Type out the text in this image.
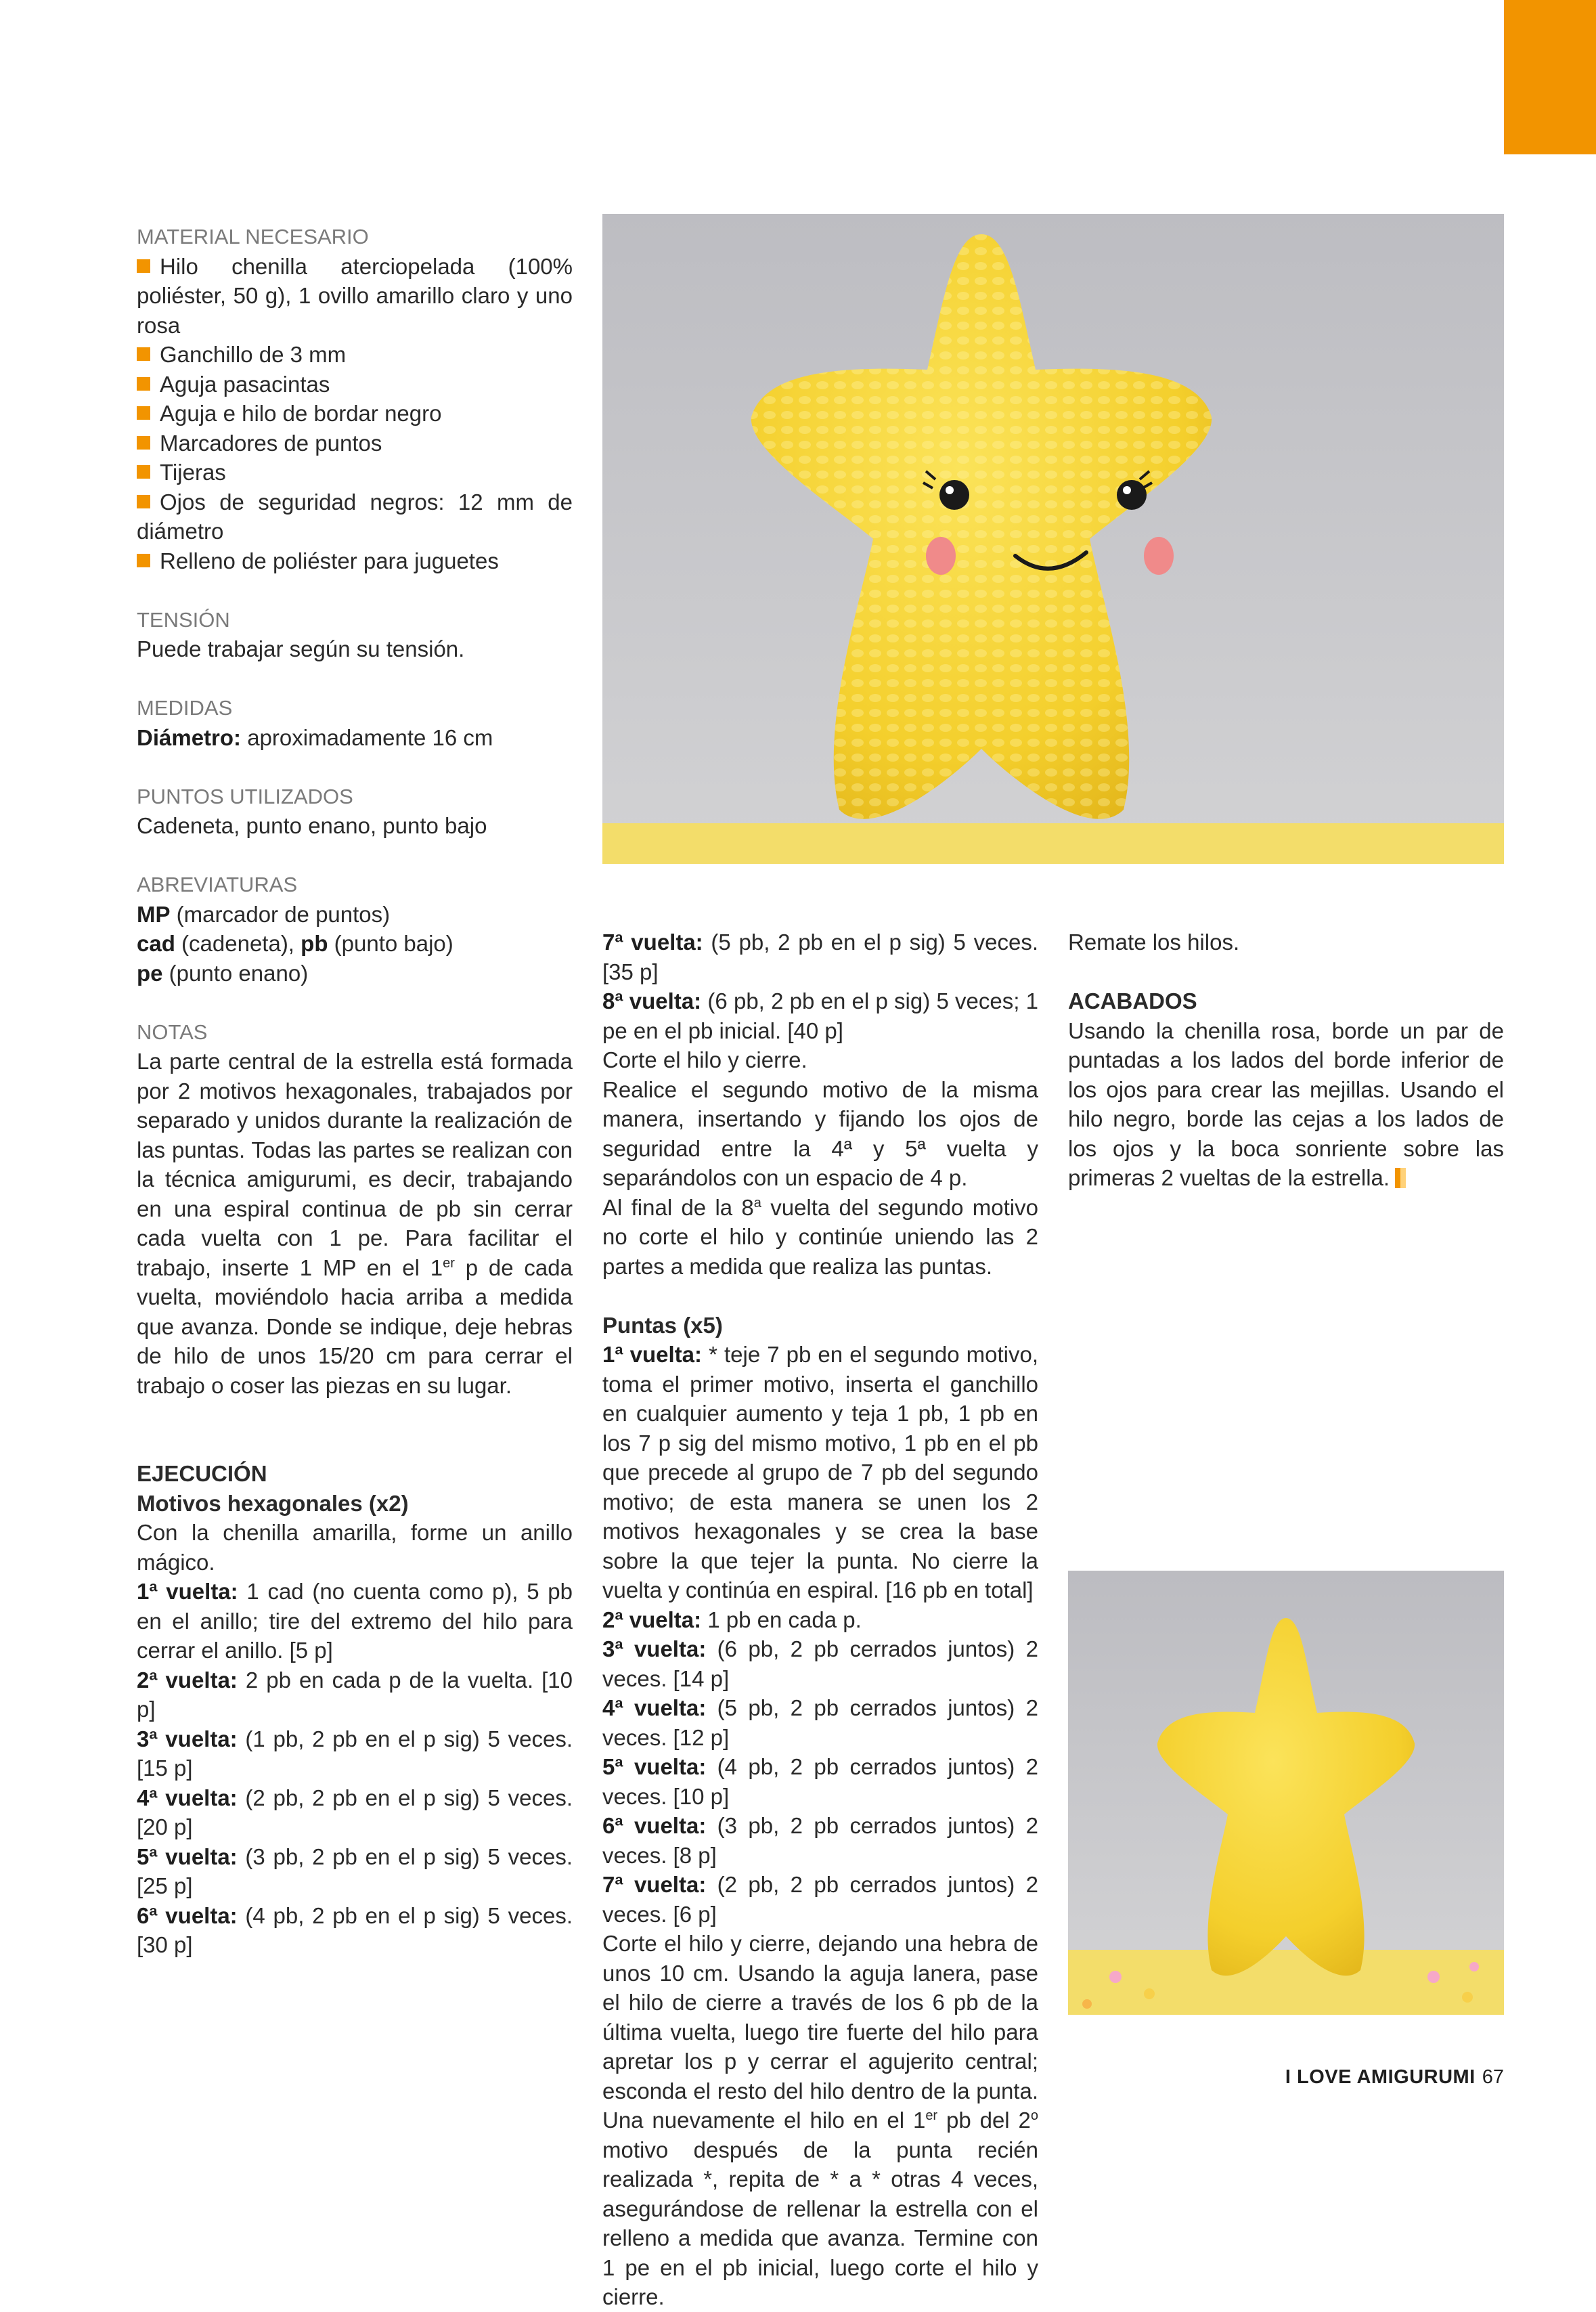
MATERIAL NECESARIO

Hilo chenilla aterciopelada (100% poliéster, 50 g), 1 ovillo amarillo claro y uno rosa

Ganchillo de 3 mm

Aguja pasacintas

Aguja e hilo de bordar negro

Marcadores de puntos

Tijeras

Ojos de seguridad negros: 12 mm de diámetro

Relleno de poliéster para juguetes

TENSIÓN

Puede trabajar según su tensión.

MEDIDAS

Diámetro: aproximadamente 16 cm

PUNTOS UTILIZADOS

Cadeneta, punto enano, punto bajo

ABREVIATURAS

MP (marcador de puntos)

cad (cadeneta), pb (punto bajo)

pe (punto enano)

NOTAS

La parte central de la estrella está formada por 2 motivos hexagonales, trabajados por separado y unidos durante la realización de las puntas. Todas las partes se realizan con la técnica amigurumi, es decir, trabajando en una espiral continua de pb sin cerrar cada vuelta con 1 pe. Para facilitar el trabajo, inserte 1 MP en el 1er p de cada vuelta, moviéndolo hacia arriba a medida que avanza. Donde se indique, deje hebras de hilo de unos 15/20 cm para cerrar el trabajo o coser las piezas en su lugar.

EJECUCIÓN

Motivos hexagonales (x2)

Con la chenilla amarilla, forme un anillo mágico.

1ª vuelta: 1 cad (no cuenta como p), 5 pb en el anillo; tire del extremo del hilo para cerrar el anillo. [5 p]

2ª vuelta: 2 pb en cada p de la vuelta. [10 p]

3ª vuelta: (1 pb, 2 pb en el p sig) 5 veces. [15 p]

4ª vuelta: (2 pb, 2 pb en el p sig) 5 veces. [20 p]

5ª vuelta: (3 pb, 2 pb en el p sig) 5 veces. [25 p]

6ª vuelta: (4 pb, 2 pb en el p sig) 5 veces. [30 p]

7ª vuelta: (5 pb, 2 pb en el p sig) 5 veces. [35 p]

8ª vuelta: (6 pb, 2 pb en el p sig) 5 veces; 1 pe en el pb inicial. [40 p]

Corte el hilo y cierre.

Realice el segundo motivo de la misma manera, insertando y fijando los ojos de seguridad entre la 4ª y 5ª vuelta y separándolos con un espacio de 4 p.

Al final de la 8$^a$ vuelta del segundo motivo no corte el hilo y continúe uniendo las 2 partes a medida que realiza las puntas.

Puntas (x5)

1ª vuelta: * teje 7 pb en el segundo motivo, toma el primer motivo, inserta el ganchillo en cualquier aumento y teja 1 pb, 1 pb en los 7 p sig del mismo motivo, 1 pb en el pb que precede al grupo de 7 pb del segundo motivo; de esta manera se unen los 2 motivos hexagonales y se crea la base sobre la que tejer la punta. No cierre la vuelta y continúa en espiral. [16 pb en total]

2ª vuelta: 1 pb en cada p.

3ª vuelta: (6 pb, 2 pb cerrados juntos) 2 veces. [14 p]

4ª vuelta: (5 pb, 2 pb cerrados juntos) 2 veces. [12 p]

5ª vuelta: (4 pb, 2 pb cerrados juntos) 2 veces. [10 p]

6ª vuelta: (3 pb, 2 pb cerrados juntos) 2 veces. [8 p]

7ª vuelta: (2 pb, 2 pb cerrados juntos) 2 veces. [6 p]

Corte el hilo y cierre, dejando una hebra de unos 10 cm. Usando la aguja lanera, pase el hilo de cierre a través de los 6 pb de la última vuelta, luego tire fuerte del hilo para apretar los p y cerrar el agujerito central; esconda el resto del hilo dentro de la punta. Una nuevamente el hilo en el 1er pb del 2$^o$ motivo después de la punta recién realizada *, repita de * a * otras 4 veces, asegurándose de rellenar la estrella con el relleno a medida que avanza. Termine con 1 pe en el pb inicial, luego corte el hilo y cierre.

Remate los hilos.

ACABADOS

Usando la chenilla rosa, borde un par de puntadas a los lados del borde inferior de los ojos para crear las mejillas. Usando el hilo negro, borde las cejas a los lados de los ojos y la boca sonriente sobre las primeras 2 vueltas de la estrella.

I LOVE AMIGURUMI 67
